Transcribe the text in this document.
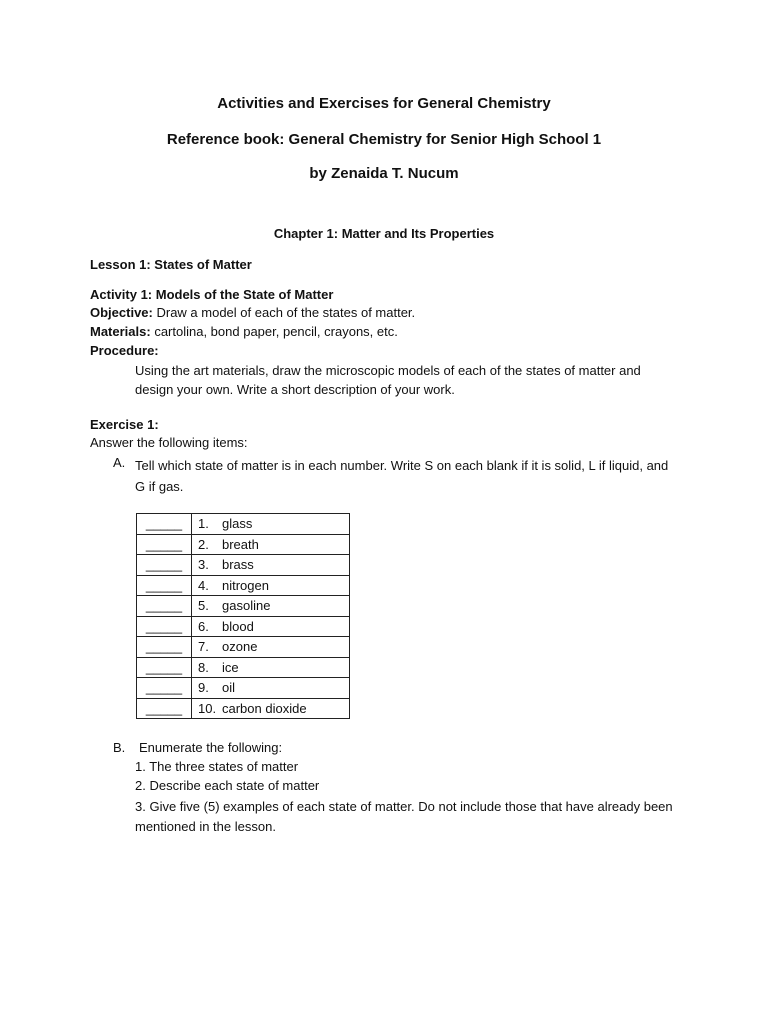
Activities and Exercises for General Chemistry

Reference book: General Chemistry for Senior High School 1

by Zenaida T. Nucum

Chapter 1: Matter and Its Properties

Lesson 1: States of Matter

Activity 1: Models of the State of Matter

Objective: Draw a model of each of the states of matter.

Materials: cartolina, bond paper, pencil, crayons, etc.

Procedure:

Using the art materials, draw the microscopic models of each of the states of matter and design your own. Write a short description of your work.

Exercise 1:

Answer the following items:

A. Tell which state of matter is in each number. Write S on each blank if it is solid, L if liquid, and G if gas.

_____	1. glass
_____	2. breath
_____	3. brass
_____	4. nitrogen
_____	5. gasoline
_____	6. blood
_____	7. ozone
_____	8. ice
_____	9. oil
_____	10. carbon dioxide

B. Enumerate the following:

1. The three states of matter

2. Describe each state of matter

3. Give five (5) examples of each state of matter. Do not include those that have already been mentioned in the lesson.
